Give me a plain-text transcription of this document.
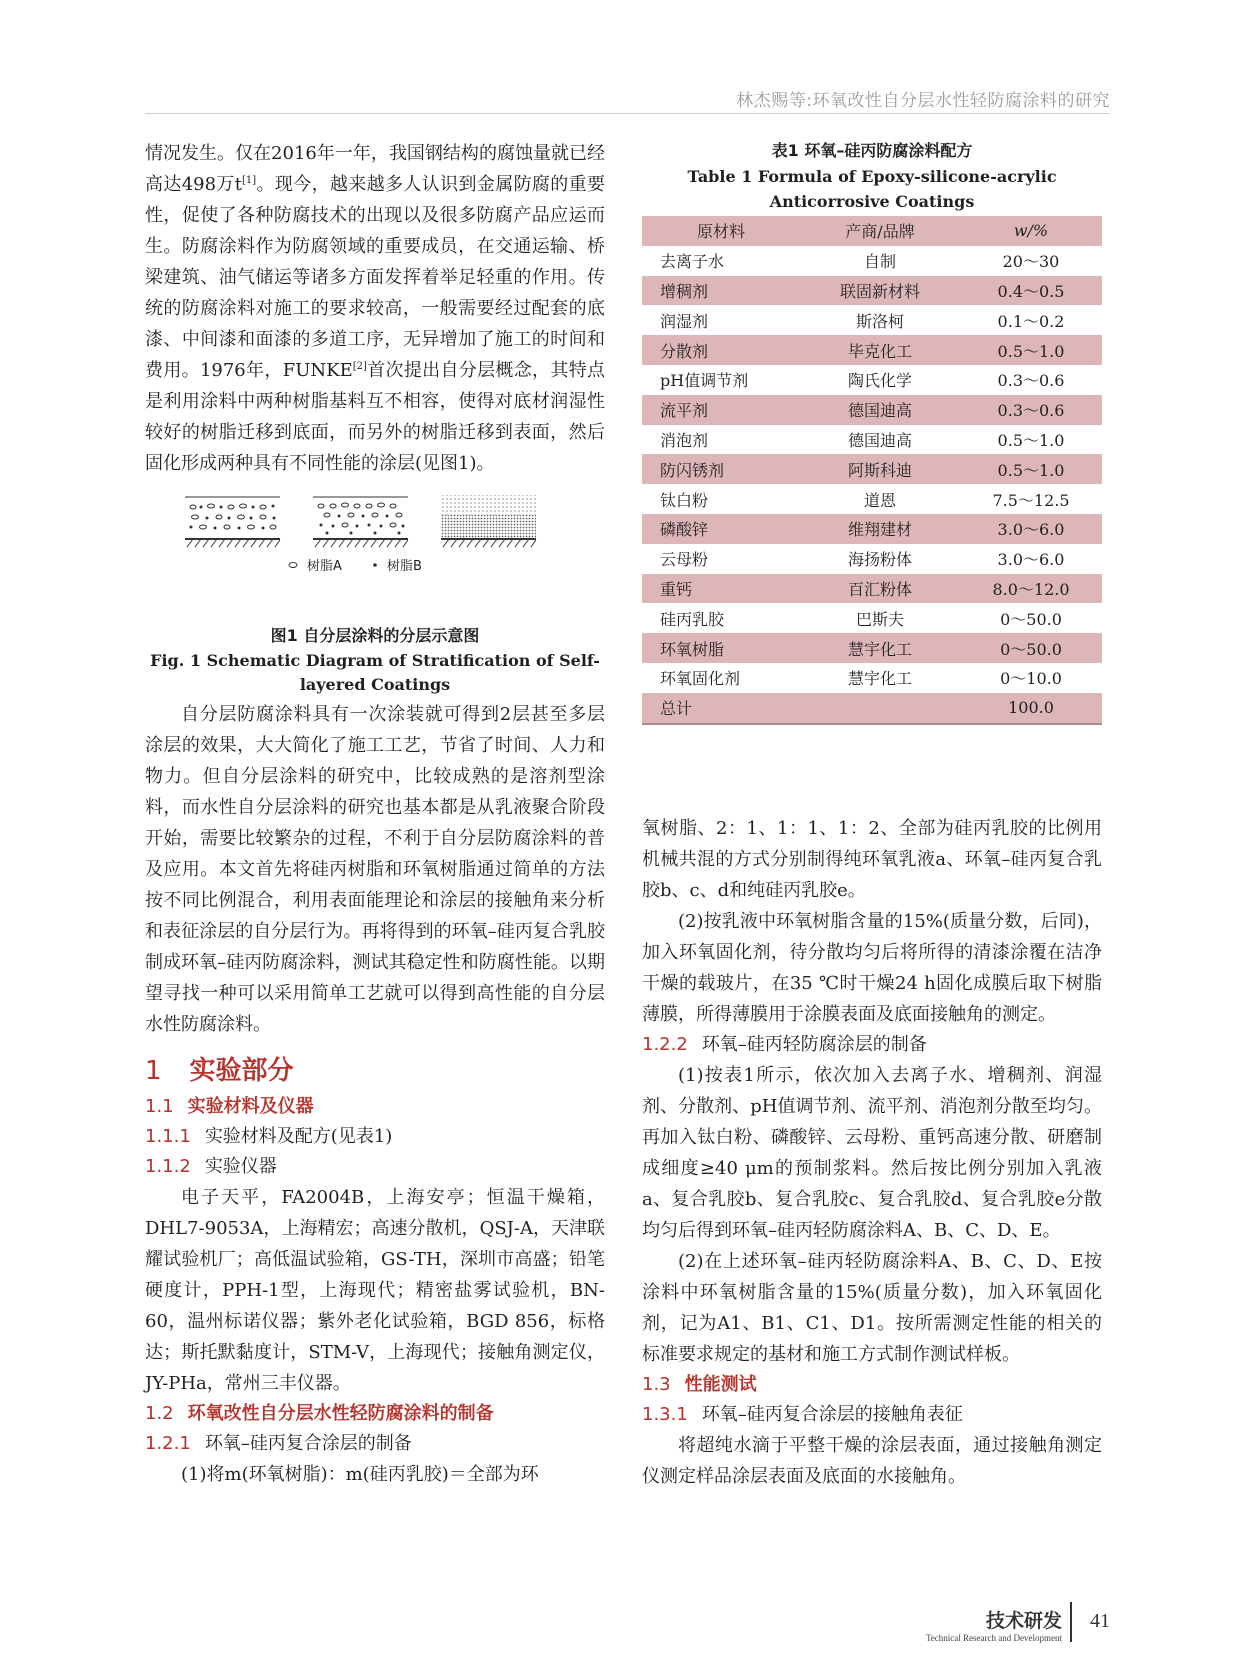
林杰赐等:环氧改性自分层水性轻防腐涂料的研究

情况发生。仅在2016年一年，我国钢结构的腐蚀量就已经高达498万t[1]。现今，越来越多人认识到金属防腐的重要性，促使了各种防腐技术的出现以及很多防腐产品应运而生。防腐涂料作为防腐领域的重要成员，在交通运输、桥梁建筑、油气储运等诸多方面发挥着举足轻重的作用。传统的防腐涂料对施工的要求较高，一般需要经过配套的底漆、中间漆和面漆的多道工序，无异增加了施工的时间和费用。1976年，FUNKE[2]首次提出自分层概念，其特点是利用涂料中两种树脂基料互不相容，使得对底材润湿性较好的树脂迁移到底面，而另外的树脂迁移到表面，然后固化形成两种具有不同性能的涂层(见图1)。

树脂A	树脂B
图1 自分层涂料的分层示意图
Fig. 1 Schematic Diagram of Stratification of Self-layered Coatings

自分层防腐涂料具有一次涂装就可得到2层甚至多层涂层的效果，大大简化了施工工艺，节省了时间、人力和物力。但自分层涂料的研究中，比较成熟的是溶剂型涂料，而水性自分层涂料的研究也基本都是从乳液聚合阶段开始，需要比较繁杂的过程，不利于自分层防腐涂料的普及应用。本文首先将硅丙树脂和环氧树脂通过简单的方法按不同比例混合，利用表面能理论和涂层的接触角来分析和表征涂层的自分层行为。再将得到的环氧–硅丙复合乳胶制成环氧–硅丙防腐涂料，测试其稳定性和防腐性能。以期望寻找一种可以采用简单工艺就可以得到高性能的自分层水性防腐涂料。

1 实验部分
1.1 实验材料及仪器
1.1.1 实验材料及配方(见表1)
1.1.2 实验仪器

电子天平，FA2004B，上海安亭；恒温干燥箱，DHL7-9053A，上海精宏；高速分散机，QSJ-A，天津联耀试验机厂；高低温试验箱，GS-TH，深圳市高盛；铅笔硬度计，PPH-1型，上海现代；精密盐雾试验机，BN-60，温州标诺仪器；紫外老化试验箱，BGD 856，标格达；斯托默黏度计，STM-V，上海现代；接触角测定仪，JY-PHa，常州三丰仪器。

1.2 环氧改性自分层水性轻防腐涂料的制备
1.2.1 环氧–硅丙复合涂层的制备

(1)将m(环氧树脂)：m(硅丙乳胶)＝全部为环

表1 环氧–硅丙防腐涂料配方
Table 1 Formula of Epoxy-silicone-acrylic Anticorrosive Coatings
原材料	产商/品牌	w/%
去离子水	自制	20～30
增稠剂	联固新材料	0.4～0.5
润湿剂	斯洛柯	0.1～0.2
分散剂	毕克化工	0.5～1.0
pH值调节剂	陶氏化学	0.3～0.6
流平剂	德国迪高	0.3～0.6
消泡剂	德国迪高	0.5～1.0
防闪锈剂	阿斯科迪	0.5～1.0
钛白粉	道恩	7.5～12.5
磷酸锌	维翔建材	3.0～6.0
云母粉	海扬粉体	3.0～6.0
重钙	百汇粉体	8.0～12.0
硅丙乳胶	巴斯夫	0～50.0
环氧树脂	慧宇化工	0～50.0
环氧固化剂	慧宇化工	0～10.0
总计		100.0

氧树脂、2：1、1：1、1：2、全部为硅丙乳胶的比例用机械共混的方式分别制得纯环氧乳液a、环氧–硅丙复合乳胶b、c、d和纯硅丙乳胶e。

(2)按乳液中环氧树脂含量的15%(质量分数，后同)，加入环氧固化剂，待分散均匀后将所得的清漆涂覆在洁净干燥的载玻片，在35 ℃时干燥24 h固化成膜后取下树脂薄膜，所得薄膜用于涂膜表面及底面接触角的测定。

1.2.2 环氧–硅丙轻防腐涂层的制备

(1)按表1所示，依次加入去离子水、增稠剂、润湿剂、分散剂、pH值调节剂、流平剂、消泡剂分散至均匀。再加入钛白粉、磷酸锌、云母粉、重钙高速分散、研磨制成细度≥40 μm的预制浆料。然后按比例分别加入乳液a、复合乳胶b、复合乳胶c、复合乳胶d、复合乳胶e分散均匀后得到环氧–硅丙轻防腐涂料A、B、C、D、E。

(2)在上述环氧–硅丙轻防腐涂料A、B、C、D、E按涂料中环氧树脂含量的15%(质量分数)，加入环氧固化剂，记为A1、B1、C1、D1。按所需测定性能的相关的标准要求规定的基材和施工方式制作测试样板。

1.3 性能测试
1.3.1 环氧–硅丙复合涂层的接触角表征

将超纯水滴于平整干燥的涂层表面，通过接触角测定仪测定样品涂层表面及底面的水接触角。

技术研发
Technical Research and Development
41
